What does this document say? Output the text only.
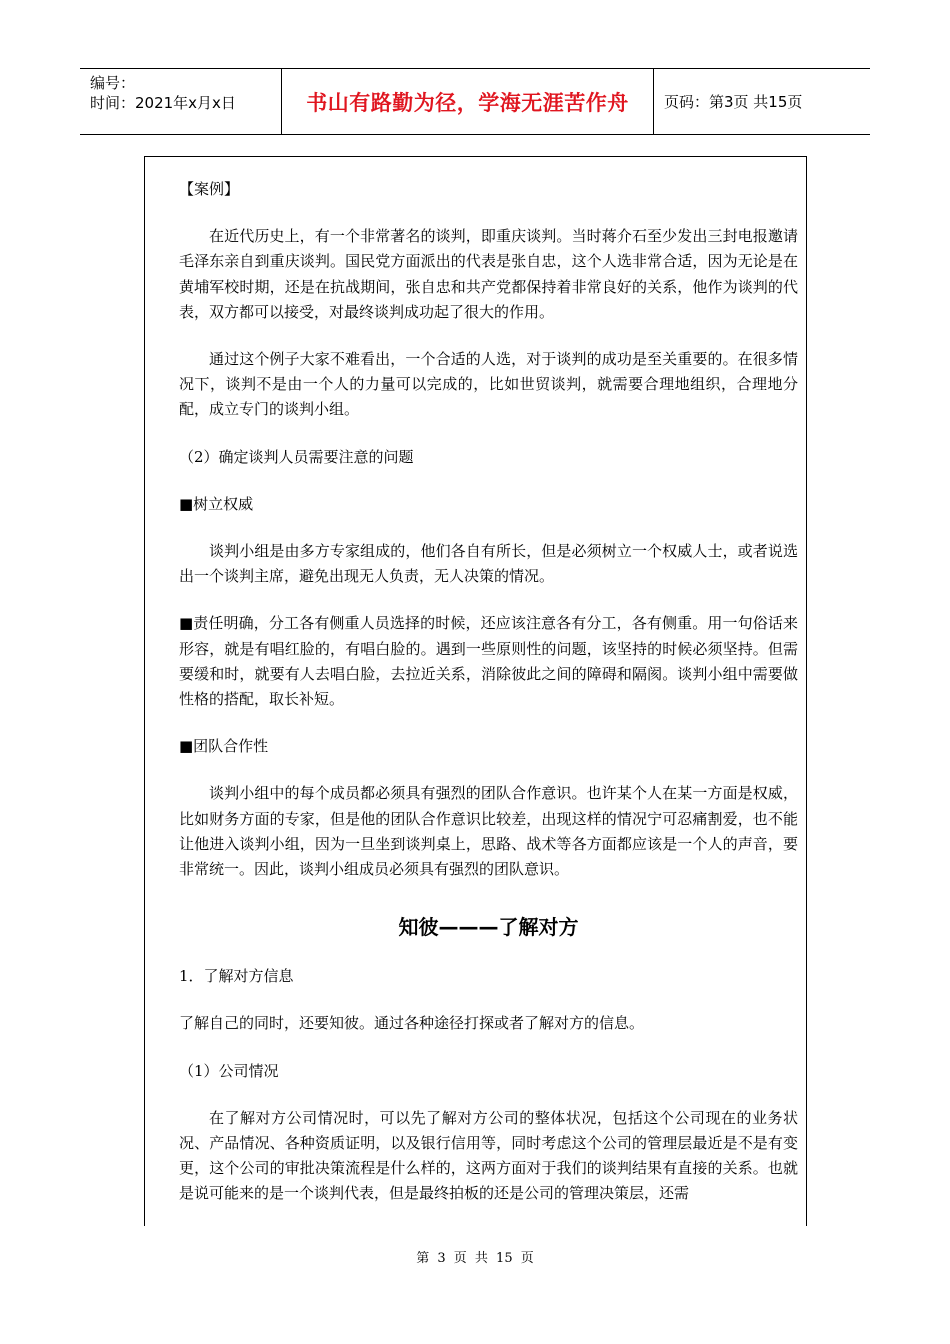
编号：
时间：2021年x月x日	书山有路勤为径，学海无涯苦作舟 页码：第3页 共15页

【案例】

在近代历史上，有一个非常著名的谈判，即重庆谈判。当时蒋介石至少发出三封电报邀请毛泽东亲自到重庆谈判。国民党方面派出的代表是张自忠，这个人选非常合适，因为无论是在黄埔军校时期，还是在抗战期间，张自忠和共产党都保持着非常良好的关系，他作为谈判的代表，双方都可以接受，对最终谈判成功起了很大的作用。

通过这个例子大家不难看出，一个合适的人选，对于谈判的成功是至关重要的。在很多情况下，谈判不是由一个人的力量可以完成的，比如世贸谈判，就需要合理地组织，合理地分配，成立专门的谈判小组。

（2）确定谈判人员需要注意的问题

■树立权威

谈判小组是由多方专家组成的，他们各自有所长，但是必须树立一个权威人士，或者说选出一个谈判主席，避免出现无人负责，无人决策的情况。

■责任明确，分工各有侧重人员选择的时候，还应该注意各有分工，各有侧重。用一句俗话来形容，就是有唱红脸的，有唱白脸的。遇到一些原则性的问题，该坚持的时候必须坚持。但需要缓和时，就要有人去唱白脸，去拉近关系，消除彼此之间的障碍和隔阂。谈判小组中需要做性格的搭配，取长补短。

■团队合作性

谈判小组中的每个成员都必须具有强烈的团队合作意识。也许某个人在某一方面是权威，比如财务方面的专家，但是他的团队合作意识比较差，出现这样的情况宁可忍痛割爱，也不能让他进入谈判小组，因为一旦坐到谈判桌上，思路、战术等各方面都应该是一个人的声音，要非常统一。因此，谈判小组成员必须具有强烈的团队意识。

知彼———了解对方

1．了解对方信息

了解自己的同时，还要知彼。通过各种途径打探或者了解对方的信息。

（1）公司情况

在了解对方公司情况时，可以先了解对方公司的整体状况，包括这个公司现在的业务状况、产品情况、各种资质证明，以及银行信用等，同时考虑这个公司的管理层最近是不是有变更，这个公司的审批决策流程是什么样的，这两方面对于我们的谈判结果有直接的关系。也就是说可能来的是一个谈判代表，但是最终拍板的还是公司的管理决策层，还需

第 3 页 共 15 页
